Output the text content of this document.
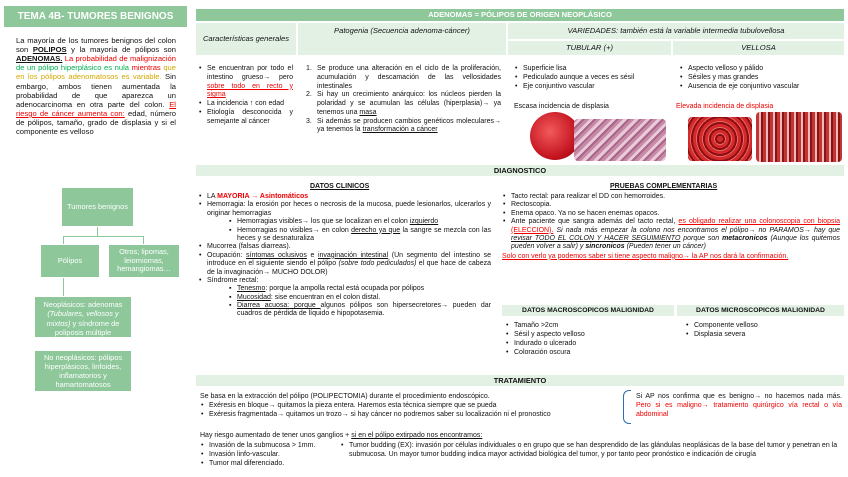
TEMA 4B- TUMORES BENIGNOS
La mayoría de los tumores benignos del colon son POLIPOS y la mayoría de pólipos son ADENOMAS. La probabilidad de malignización de un pólipo hiperplásico es nula mientras que en los pólipos adenomatosos es variable. Sin embargo, ambos tienen aumentada la probabilidad de que aparezca un adenocarcinoma en otra parte del colon. El riesgo de cáncer aumenta con: edad, número de pólipos, tamaño, grado de displasia y si el componente es velloso
Tumores benignos
Pólipos
Otros; lipomas, leiomiomas, hemangiomas…
Neoplásicos: adenomas
(Tubulares, vellosos y mixtos) y síndrome de poliposis múltiple
No neoplásicos: pólipos hiperplásicos, linfoides, inflamatorios y hamartomatosos
ADENOMAS = PÓLIPOS DE ORIGEN NEOPLÁSICO
Características generales
Patogenia (Secuencia adenoma-cáncer)	VARIEDADES: también está la variable intermedia tubulovellosa
TUBULAR (+)	VELLOSA
• Se encuentran por todo el intestino grueso→ pero sobre todo en recto y sigma
• La incidencia ↑ con edad
• Etiología desconocida y semejante al cáncer
1. Se produce una alteración en el ciclo de la proliferación, acumulación y descamación de las vellosidades intestinales
2. Si hay un crecimiento anárquico: los núcleos pierden la polaridad y se acumulan las células (hiperplasia)→ ya tenemos una masa
3. Si además se producen cambios genéticos moleculares→ ya tenemos la transformación a cáncer
• Superficie lisa
• Pediculado aunque a veces es sésil
• Eje conjuntivo vascular
Escasa incidencia de displasia
• Aspecto velloso y pálido
• Sésiles y mas grandes
• Ausencia de eje conjuntivo vascular
Elevada incidencia de displasia
DIAGNOSTICO
DATOS CLINICOS
• LA MAYORIA → Asintomáticos
• Hemorragia: la erosión por heces o necrosis de la mucosa, puede lesionarlos, ulcerarlos y originar hemorragias
▪ Hemorragias visibles→ los que se localizan en el colon izquierdo
▪ Hemorragias no visibles→ en colon derecho ya que la sangre se mezcla con las heces y se desnaturaliza
• Mucorrea (falsas diarreas).
• Ocupación: síntomas oclusivos e invaginación intestinal (Un segmento del intestino se introduce en el siguiente siendo el pólipo (sobre todo pediculados) el que hace de cabeza de la invaginación→ MUCHO DOLOR)
• Síndrome rectal:
▪ Tenesmo: porque la ampolla rectal está ocupada por pólipos
▪ Mucosidad: sise encuentran en el colon distal.
▪ Diarrea acuosa: porque algunos pólipos son hipersecretores→ pueden dar cuadros de pérdida de líquido e hipopotasemia.
PRUEBAS COMPLEMENTARIAS
• Tacto rectal: para realizar el DD con hemorroides.
• Rectoscopia.
• Enema opaco. Ya no se hacen enemas opacos.
• Ante paciente que sangra además del tacto rectal, es obligado realizar una colonoscopia con biopsia (ELECCION). Si nada más empezar la colono nos encontramos el pólipo→ no PARAMOS→ hay que revisar TODO EL COLON Y HACER SEGUIMIENTO porque son metacronicos (Aunque los quitemos pueden volver a salir) y sincronicos (Pueden tener un cáncer)
Solo con verlo ya podemos saber si tiene aspecto maligno→ la AP nos dará la confirmación.
DATOS MACROSCOPICOS MALIGNIDAD
• Tamaño >2cm
• Sésil y aspecto velloso
• Indurado o ulcerado
• Coloración oscura
DATOS MICROSCOPICOS MALIGNIDAD
• Componente velloso
• Displasia severa
TRATAMIENTO
Se basa en la extracción del pólipo (POLIPECTOMIA) durante el procedimiento endoscópico.
• Exéresis en bloque→ quitamos la pieza entera. Haremos esta técnica siempre que se pueda
• Exéresis fragmentada→ quitamos un trozo→ si hay cáncer no podremos saber su localización ni el pronostico
Si AP nos confirma que es benigno→ no hacemos nada más. Pero si es maligno→ tratamiento quirúrgico vía rectal o vía abdominal
Hay riesgo aumentado de tener unos ganglios + si en el pólipo extirpado nos encontramos:
• Invasión de la submucosa > 1mm.
• Invasión linfo-vascular.
• Tumor mal diferenciado.
• Tumor budding (EX): invasión por células individuales o en grupo que se han desprendido de las glándulas neoplásicas de la base del tumor y penetran en la submucosa. Un mayor tumor budding indica mayor actividad biológica del tumor, y por tanto peor pronóstico e indicación de cirugía
